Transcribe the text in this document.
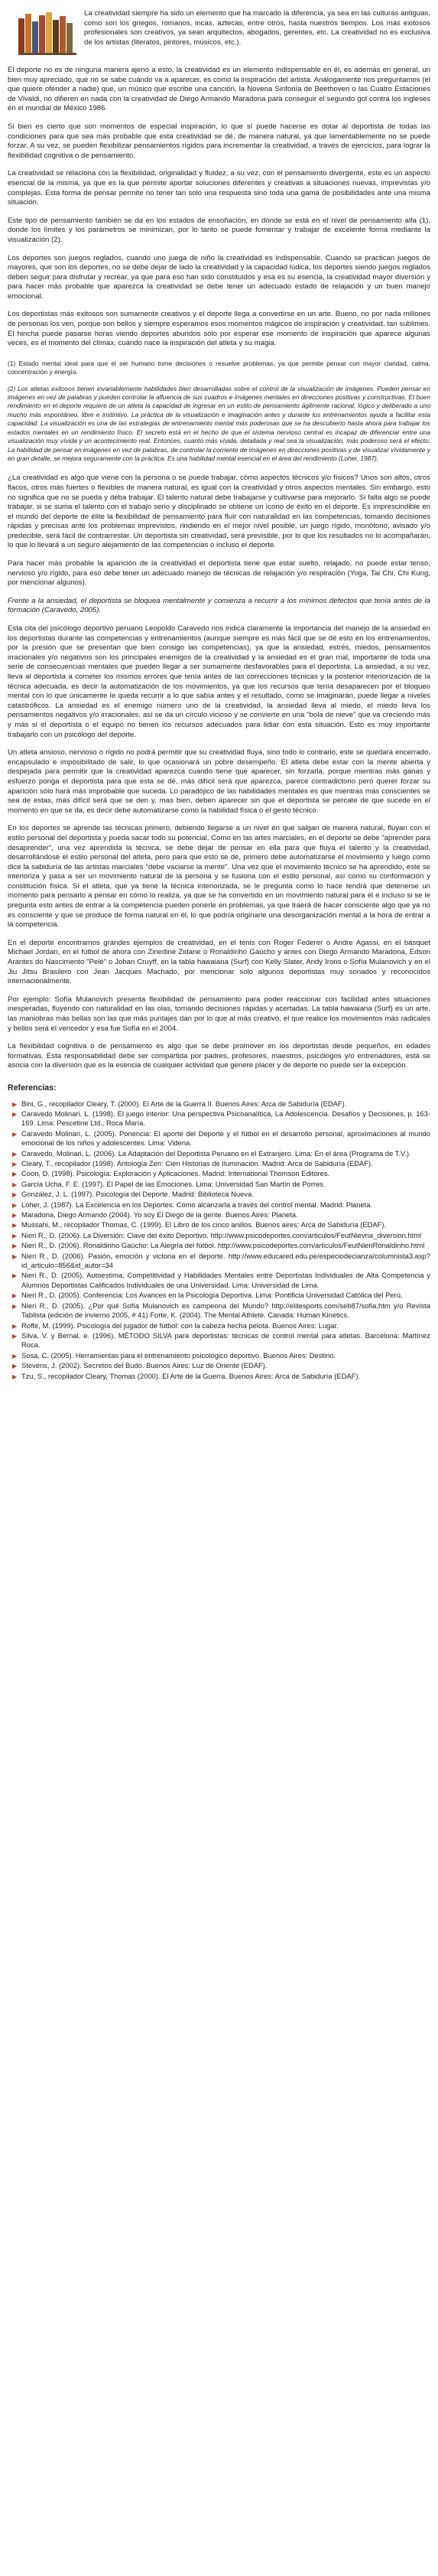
La creatividad siempre ha sido un elemento que ha marcado la diferencia, ya sea en las culturas antiguas, como son los griegos, romanos, incas, aztecas, entre otros, hasta nuestros tiempos. Los más exitosos profesionales son creativos, ya sean arquitectos, abogados, gerentes, etc. La creatividad no es exclusiva de los artistas (literatos, pintores, músicos, etc.).

El deporte no es de ninguna manera ajeno a esto, la creatividad es un elemento indispensable en él, es además en general, un bien muy apreciado, que no se sabe cuándo va a aparecer, es como la inspiración del artista. Análogamente nos preguntamos (el que quiere ofender a nadie) que, un músico que escribe una canción, la Novena Sinfonía de Beethoven o las Cuatro Estaciones de Vivaldi, no difieren en nada con la creatividad de Diego Armando Maradona para conseguir el segundo gol contra los ingleses en el mundial de México 1986.

Si bien es cierto que son momentos de especial inspiración, lo que sí puede hacerse es dotar al deportista de todas las condiciones para que sea más probable que esta creatividad se dé, de manera natural, ya que lamentablemente no se puede forzar. A su vez, se pueden flexibilizar pensamientos rígidos para incrementar la creatividad, a través de ejercicios, para lograr la flexibilidad cognitiva o de pensamiento.

La creatividad se relaciona con la flexibilidad, originalidad y fluidez, a su vez, con el pensamiento divergente, este es un aspecto esencial de la misma, ya que es la que permite aportar soluciones diferentes y creativas a situaciones nuevas, imprevistas y/o complejas. Esta forma de pensar permite no tener tan solo una respuesta sino toda una gama de posibilidades ante una misma situación.

Este tipo de pensamiento también se da en los estados de ensoñación, en donde se está en el nivel de pensamiento alfa (1), donde los límites y los parámetros se minimizan, por lo tanto se puede fomentar y trabajar de excelente forma mediante la visualización (2).

Los deportes son juegos reglados, cuando uno juega de niño la creatividad es indispensable. Cuando se practican juegos de mayores, que son los deportes, no se debe dejar de lado la creatividad y la capacidad lúdica, los deportes siendo juegos reglados deben seguir para disfrutar y recrear, ya que para eso han sido constituidos y esa es su esencia, la creatividad mayor diversión y para hacer más probable que aparezca la creatividad se debe tener un adecuado estado de relajación y un buen manejo emocional.

Los deportistas más exitosos son sumamente creativos y el deporte llega a convertirse en un arte. Bueno, no por nada millones de personas los ven, porque son bellos y siempre esperamos esos momentos mágicos de inspiración y creatividad, tan sublimes. El hincha puede pasarse horas viendo deportes aburidos sólo por esperar ese momento de inspiración que aparece algunas veces, es el momento del clímax, cuando nace la inspiración del atleta y su magia.

(1) Estado mental ideal para que el ser humano tome decisiones o resuelve problemas, ya que permite pensar con mayor claridad, calma, concentración y energía.

(2) Los atletas exitosos tienen invariablemente habilidades bien desarrolladas sobre el control de la visualización de imágenes. Pueden pensar en imágenes en vez de palabras y pueden controlar la afluencia de sus cuadros e imágenes mentales en direcciones positivas y constructivas. El buen rendimiento en el deporte requiere de un atleta la capacidad de ingresar en un estilo de pensamiento ágilmente racional, lógico y deliberado a uno mucho más espontáneo, libre e instintivo. La práctica de la visualización e imaginación antes y durante los entrenamientos ayuda a facilitar esta capacidad. La visualización es una de las estrategias de entrenamiento mental más poderosas que se ha descubierto hasta ahora para trabajar los estados mentales en un rendimiento físico. El secreto está en el hecho de que el sistema nervioso central es incapaz de diferenciar entre una visualización muy vívida y un acontecimiento real. Entonces, cuanto más vívida, detallada y real sea la visualización, más poderoso será el efecto. La habilidad de pensar en imágenes en vez de palabras, de controlar la corriente de imágenes en direcciones positivas y de visualizar vívidamente y en gran detalle, se mejora seguramente con la práctica. Es una habilidad mental esencial en el área del rendimiento (Loher, 1987).

¿La creatividad es algo que viene con la persona o se puede trabajar, cómo aspectos técnicos y/o físicos? Unos son altos, otros flacos, otros más fuertes o flexibles de manera natural, es igual con la creatividad y otros aspectos mentales. Sin embargo, esto no significa que no se pueda y deba trabajar. El talento natural debe trabajarse y cultivarse para mejorarlo. Si falta algo se puede trabajar, si se suma el talento con el trabajo serio y disciplinado se obtiene un ícono de éxito en el deporte. Es imprescindible en el mundo del deporte de élite la flexibilidad de pensamiento para fluir con naturalidad en las competencias, tomando decisiones rápidas y precisas ante los problemas imprevistos, rindiendo en el mejor nivel posible, un juego rígido, monótono, avisado y/o predecible, será fácil de contrarrestar. Un deportista sin creatividad, será previsible, por lo que los resultados no lo acompañarán, lo que lo llevará a un seguro alejamiento de las competencias o incluso el deporte.

Para hacer más probable la aparición de la creatividad el deportista tiene que estar suelto, relajado, no puede estar tenso, nervioso y/o rígido, para eso debe tener un adecuado manejo de técnicas de relajación y/o respiración (Yoga, Tai Chi, Chi Kung, por mencionar algunos).

Frente a la ansiedad, el deportista se bloquea mentalmente y comienza a recurrir a los mínimos defectos que tenía antes de la formación (Caravedo, 2005).

Esta cita del psicólogo deportivo peruano Leopoldo Caravedo nos indica claramente la importancia del manejo de la ansiedad en los deportistas durante las competencias y entrenamientos (aunque siempre es más fácil que se dé esto en los entrenamientos, por la presión que se presentan que bien consigo las competencias), ya que la ansiedad, estrés, miedos, pensamientos irracionales y/o negativos son los principales enemigos de la creatividad y la ansiedad es el gran mal, importante de toda una serie de consecuencias mentales que pueden llegar a ser sumamente desfavorables para el deportista. La ansiedad, a su vez, lleva al deportista a cometer los mismos errores que tenía antes de las correcciones técnicas y la posterior interiorización de la técnica adecuada, es decir la automatización de los movimientos, ya que los recursos que tenía desaparecen por el bloqueo mental con lo que únicamente le queda recurrir a lo que sabía antes y el resultado, como se imaginarán, puede llegar a niveles catastróficos. La ansiedad es el enemigo número uno de la creatividad, la ansiedad lleva al miedo, el miedo lleva los pensamientos negativos y/o irracionales, así se da un círculo vicioso y se convierte en una "bola de nieve" que va creciendo más y más si el deportista o el equipo no tienen los recursos adecuados para lidiar con esta situación. Esto es muy importante trabajarlo con un psicólogo del deporte.

Un atleta ansioso, nervioso o rígido no podrá permitir que su creatividad fluya, sino todo lo contrario, este se quedará encerrado, encapsulado e imposibilitado de salir, lo que ocasionará un pobre desempeño. El atleta debe estar con la mente abierta y despejada para permitir que la creatividad aparezca cuando tiene que aparecer, sin forzarla, porque mientras más ganas y esfuerzo ponga el deportista para que esta se dé, más difícil será que aparezca, parece contradictorio pero querer forzar su aparición sólo hará más improbable que suceda. Lo paradójico de las habilidades mentales es que mientras más conscientes se sea de estas, más difícil será que se den y, mas bien, deben aparecer sin que el deportista se percate de que sucede en el momento en que se da, es decir debe automatizarse como la habilidad física o el gesto técnico.

En los deportes se aprende las técnicas primero, debiendo llegarse a un nivel en que salgan de manera natural, fluyan con el estilo personal del deportista y pueda sacar todo su potencial. Como en las artes marciales, en el deporte se debe "aprender para desaprender", una vez aprendida la técnica, se debe dejar de pensar en ella para que fluya el talento y la creatividad, desarrollándose el estilo personal del atleta, pero para que esto se dé, primero debe automatizarse el movimiento y luego como dice la sabiduría de las artistas marciales "debe vaciarse la mente". Una vez que el movimiento técnico se ha aprendido, este se interioriza y pasa a ser un movimiento natural de la persona y se fusiona con el estilo personal, así como su conformación y constitución física. Si el atleta, que ya tiene la técnica interiorizada, se le pregunta como lo hace tendrá que detenerse un momento para pensarlo a pensar en cómo lo realiza, ya que se ha convertido en un movimiento natural para él e incluso si se le pregunta esto antes de entrar a la competencia pueden ponerle en problemas, ya que traerá de hacer consciente algo que ya no es consciente y que se produce de forma natural en él, lo que podría originarle una desorganización mental a la hora de entrar a la competencia.

En el deporte encontramos grandes ejemplos de creatividad, en el tenis con Roger Federer o Andre Agassi, en el básquet Michael Jordan, en el fútbol de ahora con Zinedine Zidane o Ronaldinho Gaúcho y antes con Diego Armando Maradona, Edson Arantes do Nascimento "Pelé" o Johan Cruyff, en la tabla hawaiana (Surf) con Kelly Slater, Andy Irons o Sofía Mulanovich y en el Jiu Jitsu Brasilero con Jean Jacques Machado, por mencionar solo algunos deportistas muy sonados y reconocidos internacionalmente.

Por ejemplo: Sofía Mulanovich presenta flexibilidad de pensamiento para poder reaccionar con facilidad antes situaciones inesperadas, fluyendo con naturalidad en las olas, tomando decisiones rápidas y acertadas. La tabla hawaiana (Surf) es un arte, las maniobras más bellas son las que más puntajes dan por lo que al más creativo, el que realice los movimientos más radicales y bellos será el vencedor y esa fue Sofía en el 2004.

La flexibilidad cognitiva o de pensamiento es algo que se debe promover en los deportistas desde pequeños, en edades formativas. Esta responsabilidad debe ser compartida por padres, profesores, maestros, psicólogos y/o entrenadores, está se asocia con la diversión que es la esencia de cualquier actividad que genere placer y de deporte no puede ser la excepción.

Referencias:
▶ Bini, G., recopilador Cleary, T. (2000). El Arte de la Guerra II. Buenos Aires: Arca de Sabiduría (EDAF).
▶ Caravedo Molinari, L. (1998). El juego interior: Una perspectiva Psicoanalítica, La Adolescencia. Desafíos y Decisiones, p. 163-169. Lima: Pescetine Ltd., Roca María.
▶ Caravedo Molinari, L. (2005). Ponencia: El aporte del Deporte y el fútbol en el desarrollo personal, aproximaciones al mundo emocional de los niños y adolescentes. Lima: Videna.
▶ Caravedo, Molinari, L. (2006). La Adaptación del Deportista Peruano en el Extranjero. Lima: En el área (Programa de T.V.).
▶ Cleary, T., recopilador (1998). Antología Zen: Cien Historias de Iluminación. Madrid: Arca de Sabiduría (EDAF).
▶ Coon, D. (1998). Psicología: Exploración y Aplicaciones. Madrid: International Thomson Editores.
▶ García Ucha, F. E. (1997). El Papel de las Emociones. Lima: Universidad San Martín de Porres.
▶ González, J. L. (1997). Psicología del Deporte. Madrid: Biblioteca Nueva.
▶ Loher, J. (1987). La Excelencia en los Deportes: Cómo alcanzarla a través del control mental. Madrid: Planeta.
▶ Maradona, Diego Armando (2004). Yo soy El Diego de la gente. Buenos Aires: Planeta.
▶ Mussahi, M., recopilador Thomas, C. (1999). El Libro de los cinco anillos. Buenos aires: Arca de Sabiduría (EDAF).
▶ Nieri R., D. (2006). La Diversión: Clave del éxito Deportivo. http://www.psicodeportes.com/articulos/FeutNievria_diversion.html
▶ Nieri R., D. (2006). Ronaldinho Gaúcho: La Alegría del fútbol. http://www.psicodeportes.com/articulos/FeutNieriRonaldinho.html
▶ Nieri R., D. (2006). Pasión, emoción y victoria en el deporte. http://www.educared.edu.pe/especiodecianza/columnista3.asp?id_articulo=856&id_autor=34
▶ Nieri R., D. (2005). Autoestima, Competitividad y Habilidades Mentales entre Deportistas Individuales de Alta Competencia y Alumnos Deportistas Calificados Individuales de una Universidad. Lima: Universidad de Lima.
▶ Nieri R., D. (2005). Conferencia: Los Avances en la Psicología Deportiva. Lima: Pontificia Universidad Católica del Perú.
▶ Nieri R., D. (2005). ¿Por qué Sofía Mulanovich es campeona del Mundo? http://elitesports.com/seb87/sofia.htm y/o Revista Tablista (edición de invierno 2005, # 41) Forte, K. (2004). The Mental Athlete. Canada: Human Kinetics.
▶ Roffé, M. (1999). Psicología del jugador de fútbol: con la cabeza hecha pelota. Buenos Aires: Lugar.
▶ Silva, V. y Bernal, e. (1996). MÉTODO SILVA para deportistas: técnicas de control mental para atletas. Barcelona: Martínez Roca.
▶ Sosa, C. (2005). Herramientas para el entrenamiento psicológico deportivo. Buenos Aires: Destino.
▶ Stevens, J. (2002). Secretos del Budo. Buenos Aires: Luz de Oriente (EDAF).
▶ Tzu, S., recopilador Cleary, Thomas (2000). El Arte de la Guerra. Buenos Aires: Arca de Sabiduría (EDAF).
